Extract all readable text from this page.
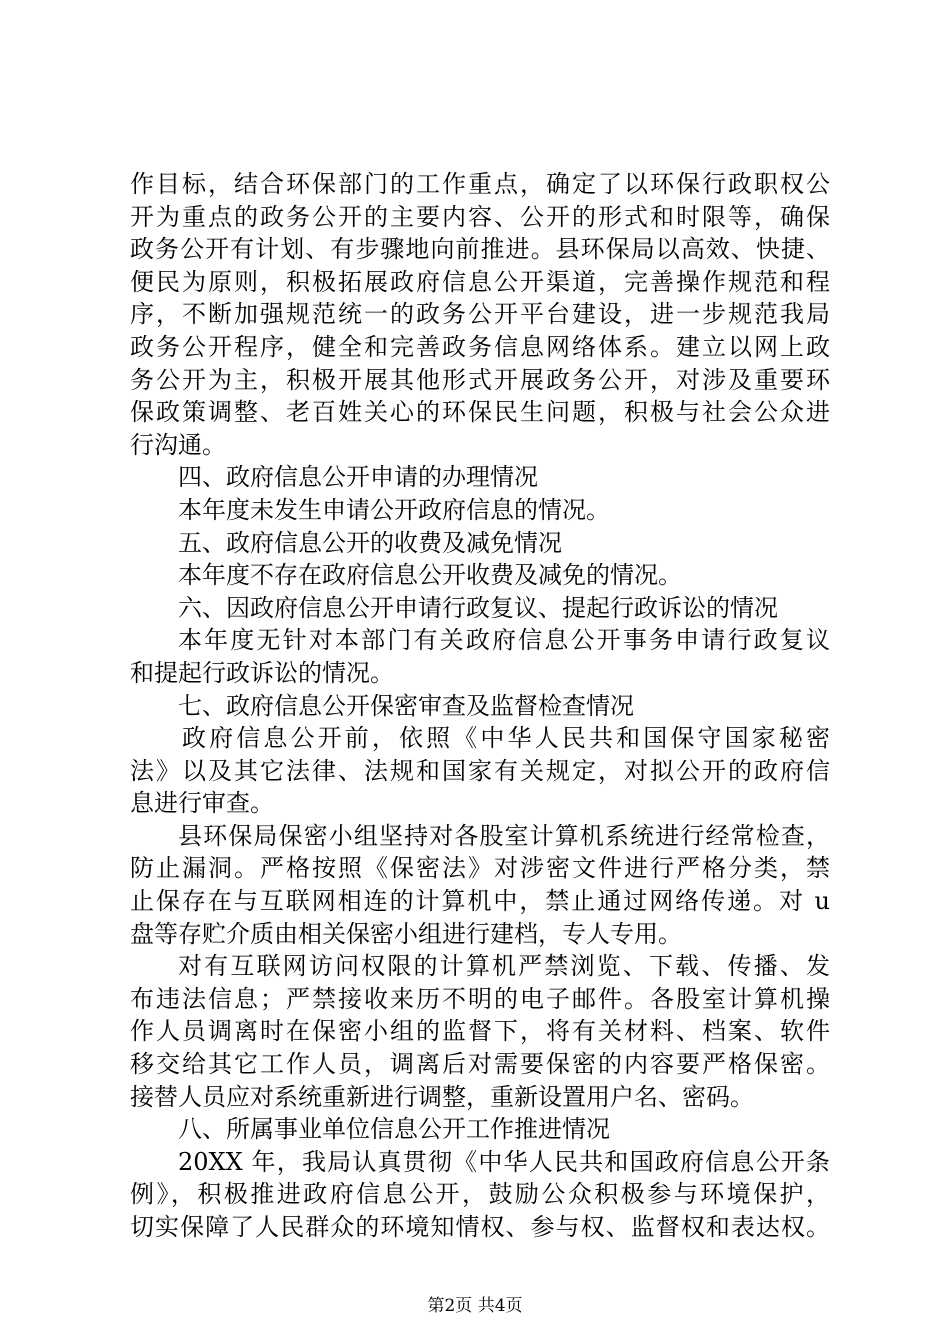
作目标，结合环保部门的工作重点，确定了以环保行政职权公
开为重点的政务公开的主要内容、公开的形式和时限等，确保
政务公开有计划、有步骤地向前推进。县环保局以高效、快捷、
便民为原则，积极拓展政府信息公开渠道，完善操作规范和程
序，不断加强规范统一的政务公开平台建设，进一步规范我局
政务公开程序，健全和完善政务信息网络体系。建立以网上政
务公开为主，积极开展其他形式开展政务公开，对涉及重要环
保政策调整、老百姓关心的环保民生问题，积极与社会公众进
行沟通。
四、政府信息公开申请的办理情况
本年度未发生申请公开政府信息的情况。
五、政府信息公开的收费及减免情况
本年度不存在政府信息公开收费及减免的情况。
六、因政府信息公开申请行政复议、提起行政诉讼的情况
本年度无针对本部门有关政府信息公开事务申请行政复议
和提起行政诉讼的情况。
七、政府信息公开保密审查及监督检查情况
政府信息公开前，依照《中华人民共和国保守国家秘密
法》以及其它法律、法规和国家有关规定，对拟公开的政府信
息进行审查。
县环保局保密小组坚持对各股室计算机系统进行经常检查，
防止漏洞。严格按照《保密法》对涉密文件进行严格分类，禁
止保存在与互联网相连的计算机中，禁止通过网络传递。对 u
盘等存贮介质由相关保密小组进行建档，专人专用。
对有互联网访问权限的计算机严禁浏览、下载、传播、发
布违法信息；严禁接收来历不明的电子邮件。各股室计算机操
作人员调离时在保密小组的监督下，将有关材料、档案、软件
移交给其它工作人员，调离后对需要保密的内容要严格保密。
接替人员应对系统重新进行调整，重新设置用户名、密码。
八、所属事业单位信息公开工作推进情况
20XX 年，我局认真贯彻《中华人民共和国政府信息公开条
例》，积极推进政府信息公开，鼓励公众积极参与环境保护，
切实保障了人民群众的环境知情权、参与权、监督权和表达权。
第2页 共4页
